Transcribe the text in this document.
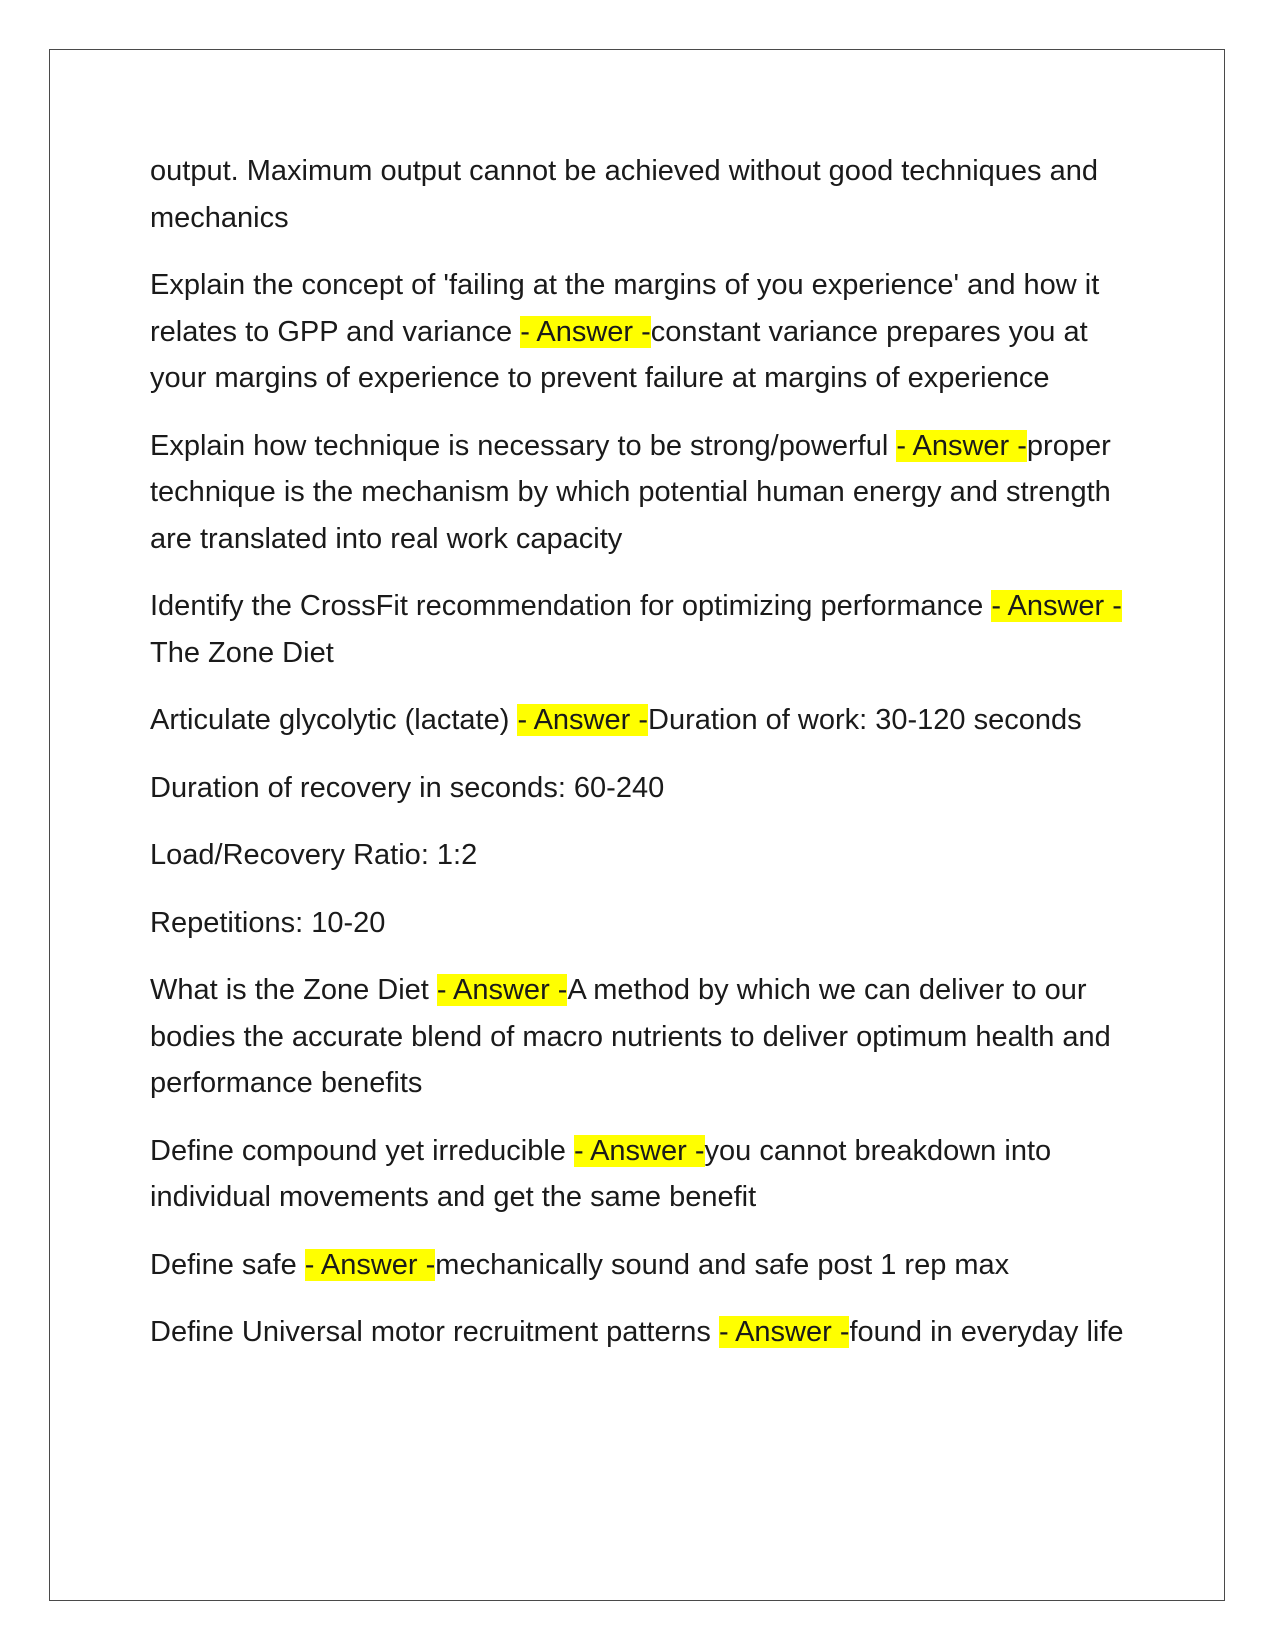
output. Maximum output cannot be achieved without good techniques and mechanics

Explain the concept of 'failing at the margins of you experience' and how it relates to GPP and variance - Answer -constant variance prepares you at your margins of experience to prevent failure at margins of experience

Explain how technique is necessary to be strong/powerful - Answer -proper technique is the mechanism by which potential human energy and strength are translated into real work capacity

Identify the CrossFit recommendation for optimizing performance - Answer -The Zone Diet

Articulate glycolytic (lactate) - Answer -Duration of work: 30-120 seconds

Duration of recovery in seconds: 60-240

Load/Recovery Ratio: 1:2

Repetitions: 10-20

What is the Zone Diet - Answer -A method by which we can deliver to our bodies the accurate blend of macro nutrients to deliver optimum health and performance benefits

Define compound yet irreducible - Answer -you cannot breakdown into individual movements and get the same benefit

Define safe - Answer -mechanically sound and safe post 1 rep max

Define Universal motor recruitment patterns - Answer -found in everyday life
